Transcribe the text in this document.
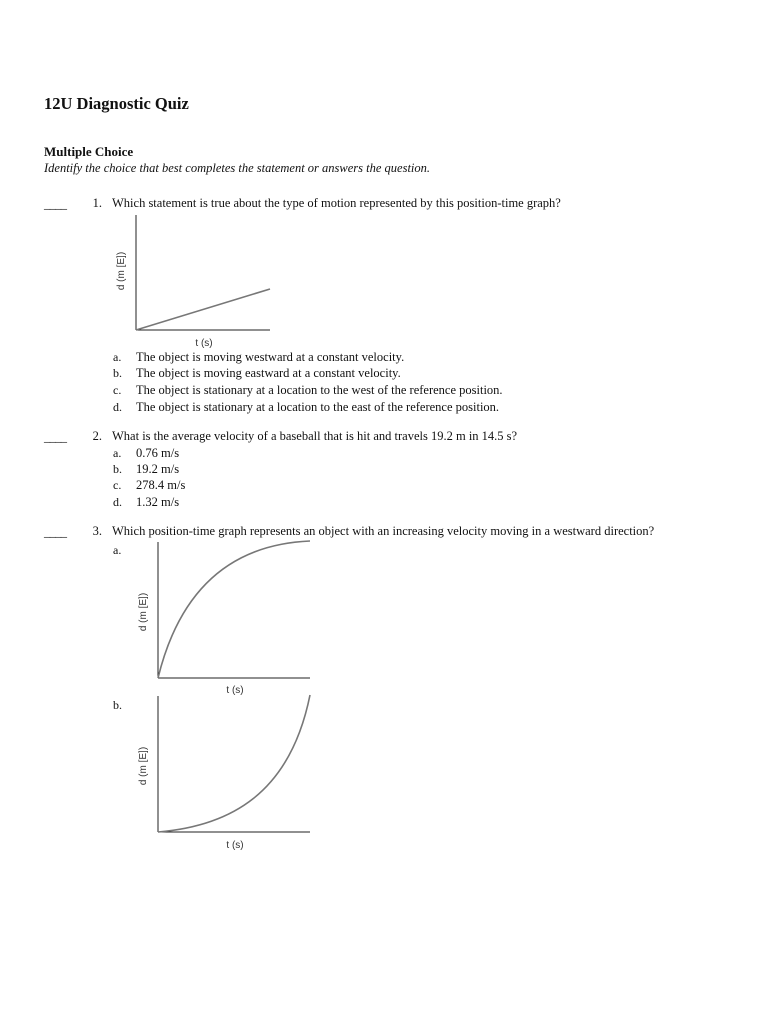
12U Diagnostic Quiz
Multiple Choice
Identify the choice that best completes the statement or answers the question.
____	1. Which statement is true about the type of motion represented by this position-time graph?
d (m [E])
t (s)
a. The object is moving westward at a constant velocity.
b. The object is moving eastward at a constant velocity.
c. The object is stationary at a location to the west of the reference position.
d. The object is stationary at a location to the east of the reference position.
____	2. What is the average velocity of a baseball that is hit and travels 19.2 m in 14.5 s?
a. 0.76 m/s
b. 19.2 m/s
c. 278.4 m/s
d. 1.32 m/s
____	3. Which position-time graph represents an object with an increasing velocity moving in a westward direction?
a.
d (m [E])
t (s)
b.
d (m [E])
t (s)
